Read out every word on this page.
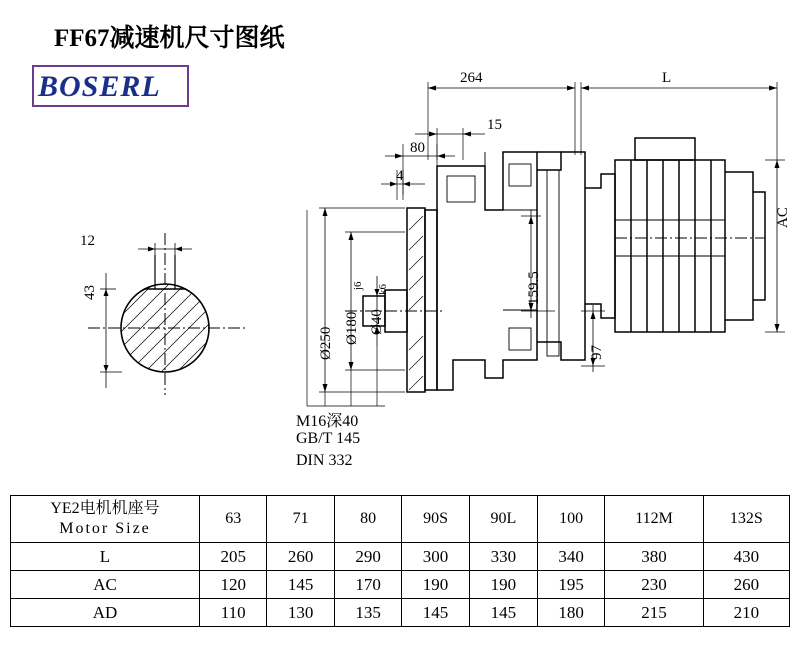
FF67减速机尺寸图纸
BOSERL
12
43
264	L
15
80
4
AC
159.5
97
Ø250 Ø180
j6
Ø40
k6
M16深40
GB/T 145
DIN 332
YE2电机机座号
Motor Size	63	71	80	90S	90L	100	112M	132S
L	205	260	290	300	330	340	380	430
AC	120	145	170	190	190	195	230	260
AD	110	130	135	145	145	180	215	210
